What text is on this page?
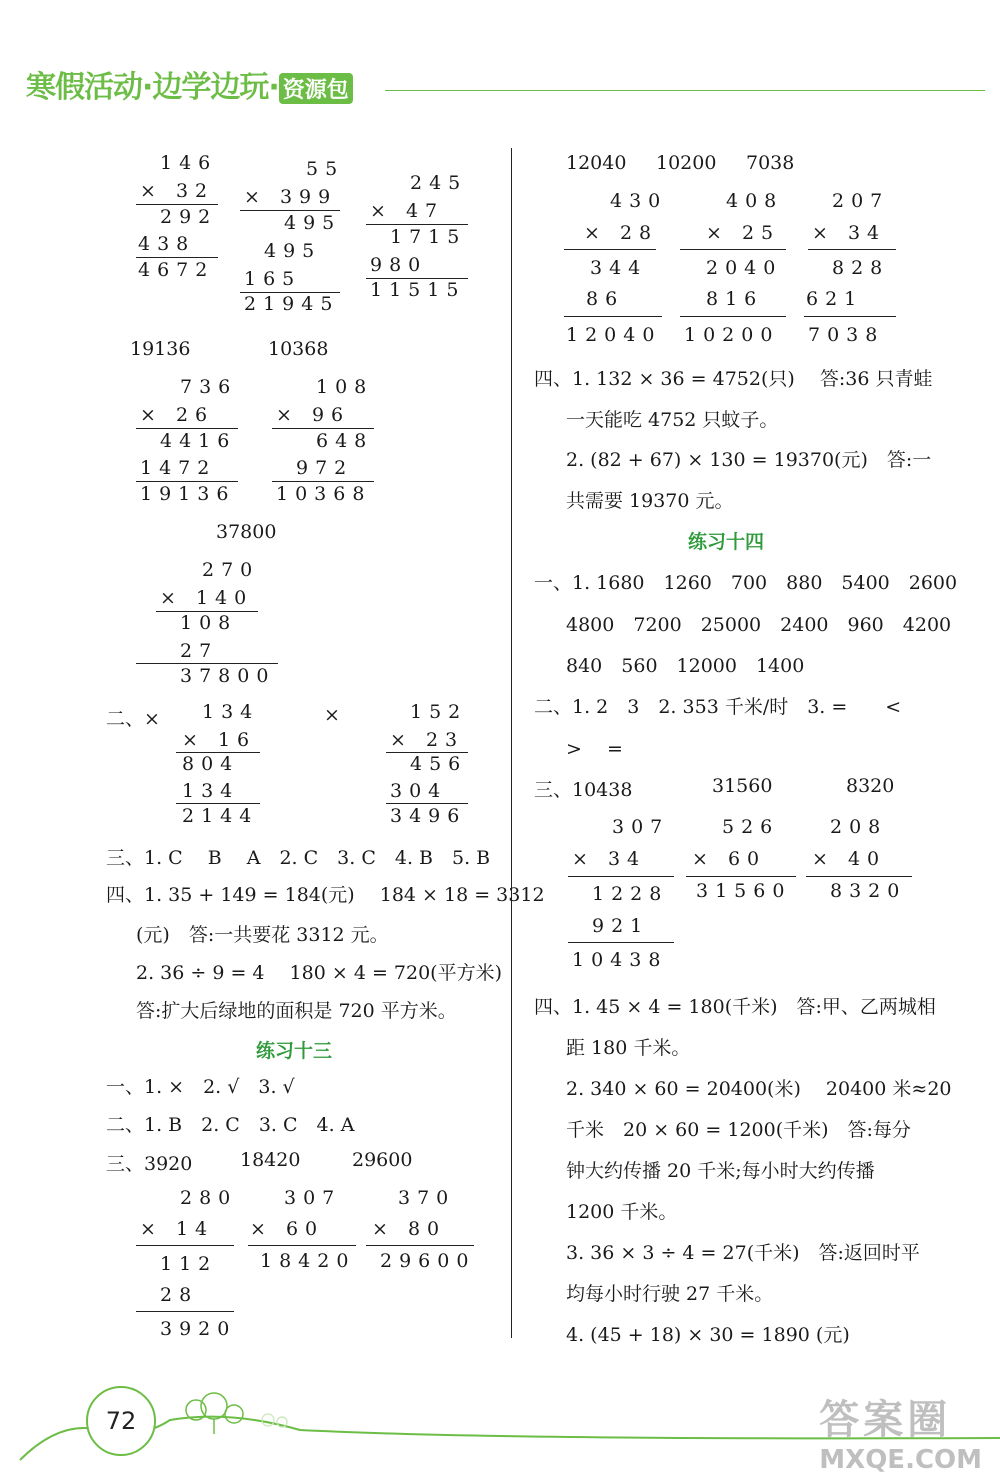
寒假活动·边学边玩· 资源包
146
× 32
292
438
4672
55
× 399
495
495
165
21945
245
× 47
1715
980
11515
19136	10368
736
× 26
4416
1472
19136
108
× 96
648
972
10368
37800
270
× 140
108
27
37800
二、×	×
134
× 16
804
134
2144
152
× 23
456
304
3496
三、1. C　 B　 A　2. C　3. C　4. B　5. B
四、1. 35 + 149 = 184(元)　 184 × 18 = 3312
(元)　答:一共要花 3312 元。
2. 36 ÷ 9 = 4　 180 × 4 = 720(平方米)
答:扩大后绿地的面积是 720 平方米。
练习十三
一、1. ×　2. √　3. √
二、1. B　2. C　3. C　4. A
三、3920	18420	29600
280
× 14
112
28
3920
307
× 60
18420
370
× 80
29600
12040 10200 7038
430
× 28
344
86
12040
408
× 25
2040
816
10200
207
× 34
828
621
7038
四、1. 132 × 36 = 4752(只)　 答:36 只青蛙
一天能吃 4752 只蚊子。
2. (82 + 67) × 130 = 19370(元)　答:一
共需要 19370 元。
练习十四
一、1. 1680　1260　700　880　5400　2600
4800　7200　25000　2400　960　4200
840　560　12000　1400
二、1. 2　3　2. 353 千米/时　3. =　　<
>　 =
三、10438	31560	8320
307
× 34
1228
921
10438
526
× 60
31560
208
× 40
8320
四、1. 45 × 4 = 180(千米)　答:甲、乙两城相
距 180 千米。
2. 340 × 60 = 20400(米)　 20400 米≈20
千米　20 × 60 = 1200(千米)　答:每分
钟大约传播 20 千米;每小时大约传播
1200 千米。
3. 36 × 3 ÷ 4 = 27(千米)　答:返回时平
均每小时行驶 27 千米。
4. (45 + 18) × 30 = 1890 (元)
72	答案圈
MXQE.COM
